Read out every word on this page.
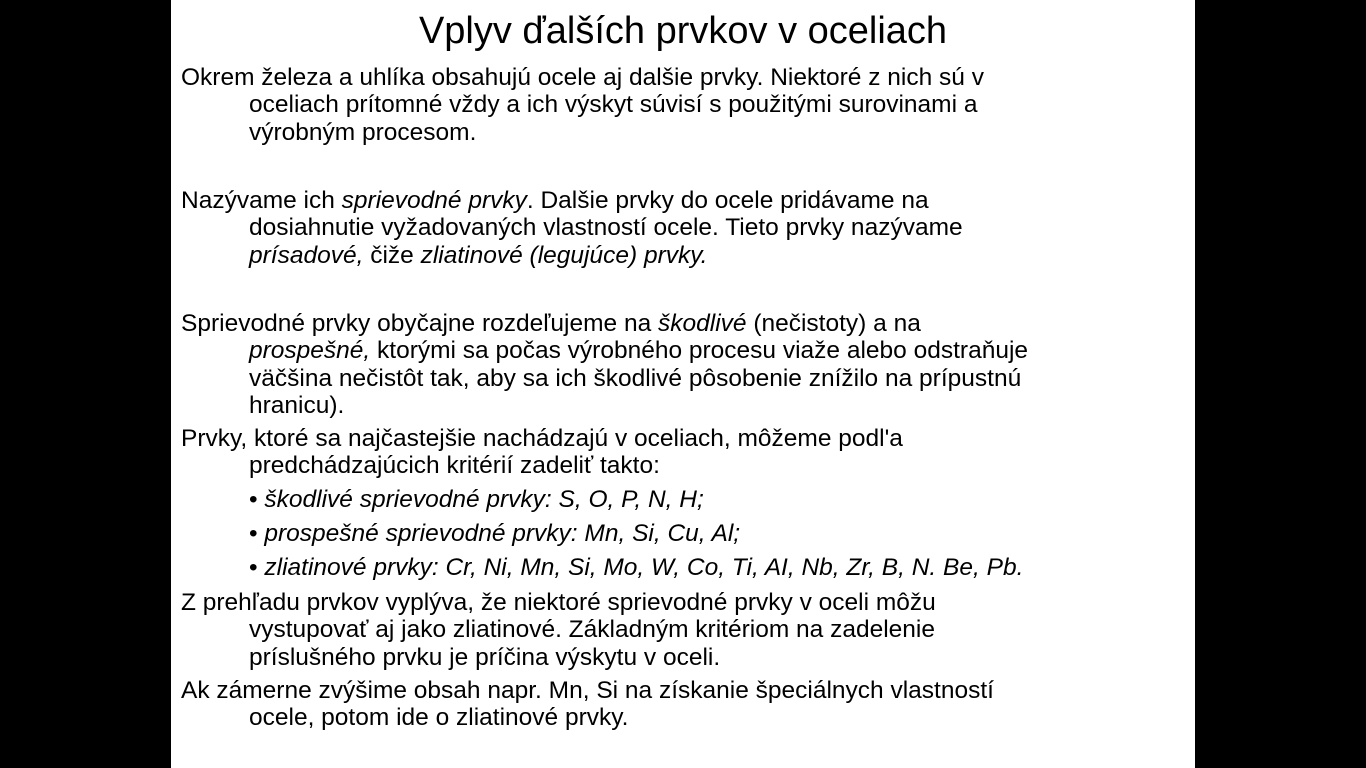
Vplyv ďalších prvkov v oceliach
Okrem železa a uhlíka obsahujú ocele aj dalšie prvky. Niektoré z nich sú v
oceliach prítomné vždy a ich výskyt súvisí s použitými surovinami a
výrobným procesom.
Nazývame ich sprievodné prvky. Dalšie prvky do ocele pridávame na
dosiahnutie vyžadovaných vlastností ocele. Tieto prvky nazývame
prísadové, čiže zliatinové (legujúce) prvky.
Sprievodné prvky obyčajne rozdeľujeme na škodlivé (nečistoty) a na
prospešné, ktorými sa počas výrobného procesu viaže alebo odstraňuje
väčšina nečistôt tak, aby sa ich škodlivé pôsobenie znížilo na prípustnú
hranicu).
Prvky, ktoré sa najčastejšie nachádzajú v oceliach, môžeme podl'a
predchádzajúcich kritérií zadeliť takto:
• škodlivé sprievodné prvky: S, O, P, N, H;
• prospešné sprievodné prvky: Mn, Si, Cu, Al;
• zliatinové prvky: Cr, Ni, Mn, Si, Mo, W, Co, Ti, AI, Nb, Zr, B, N. Be, Pb.
Z prehľadu prvkov vyplýva, že niektoré sprievodné prvky v oceli môžu
vystupovať aj jako zliatinové. Základným kritériom na zadelenie
príslušného prvku je príčina výskytu v oceli.
Ak zámerne zvýšime obsah napr. Mn, Si na získanie špeciálnych vlastností
ocele, potom ide o zliatinové prvky.
